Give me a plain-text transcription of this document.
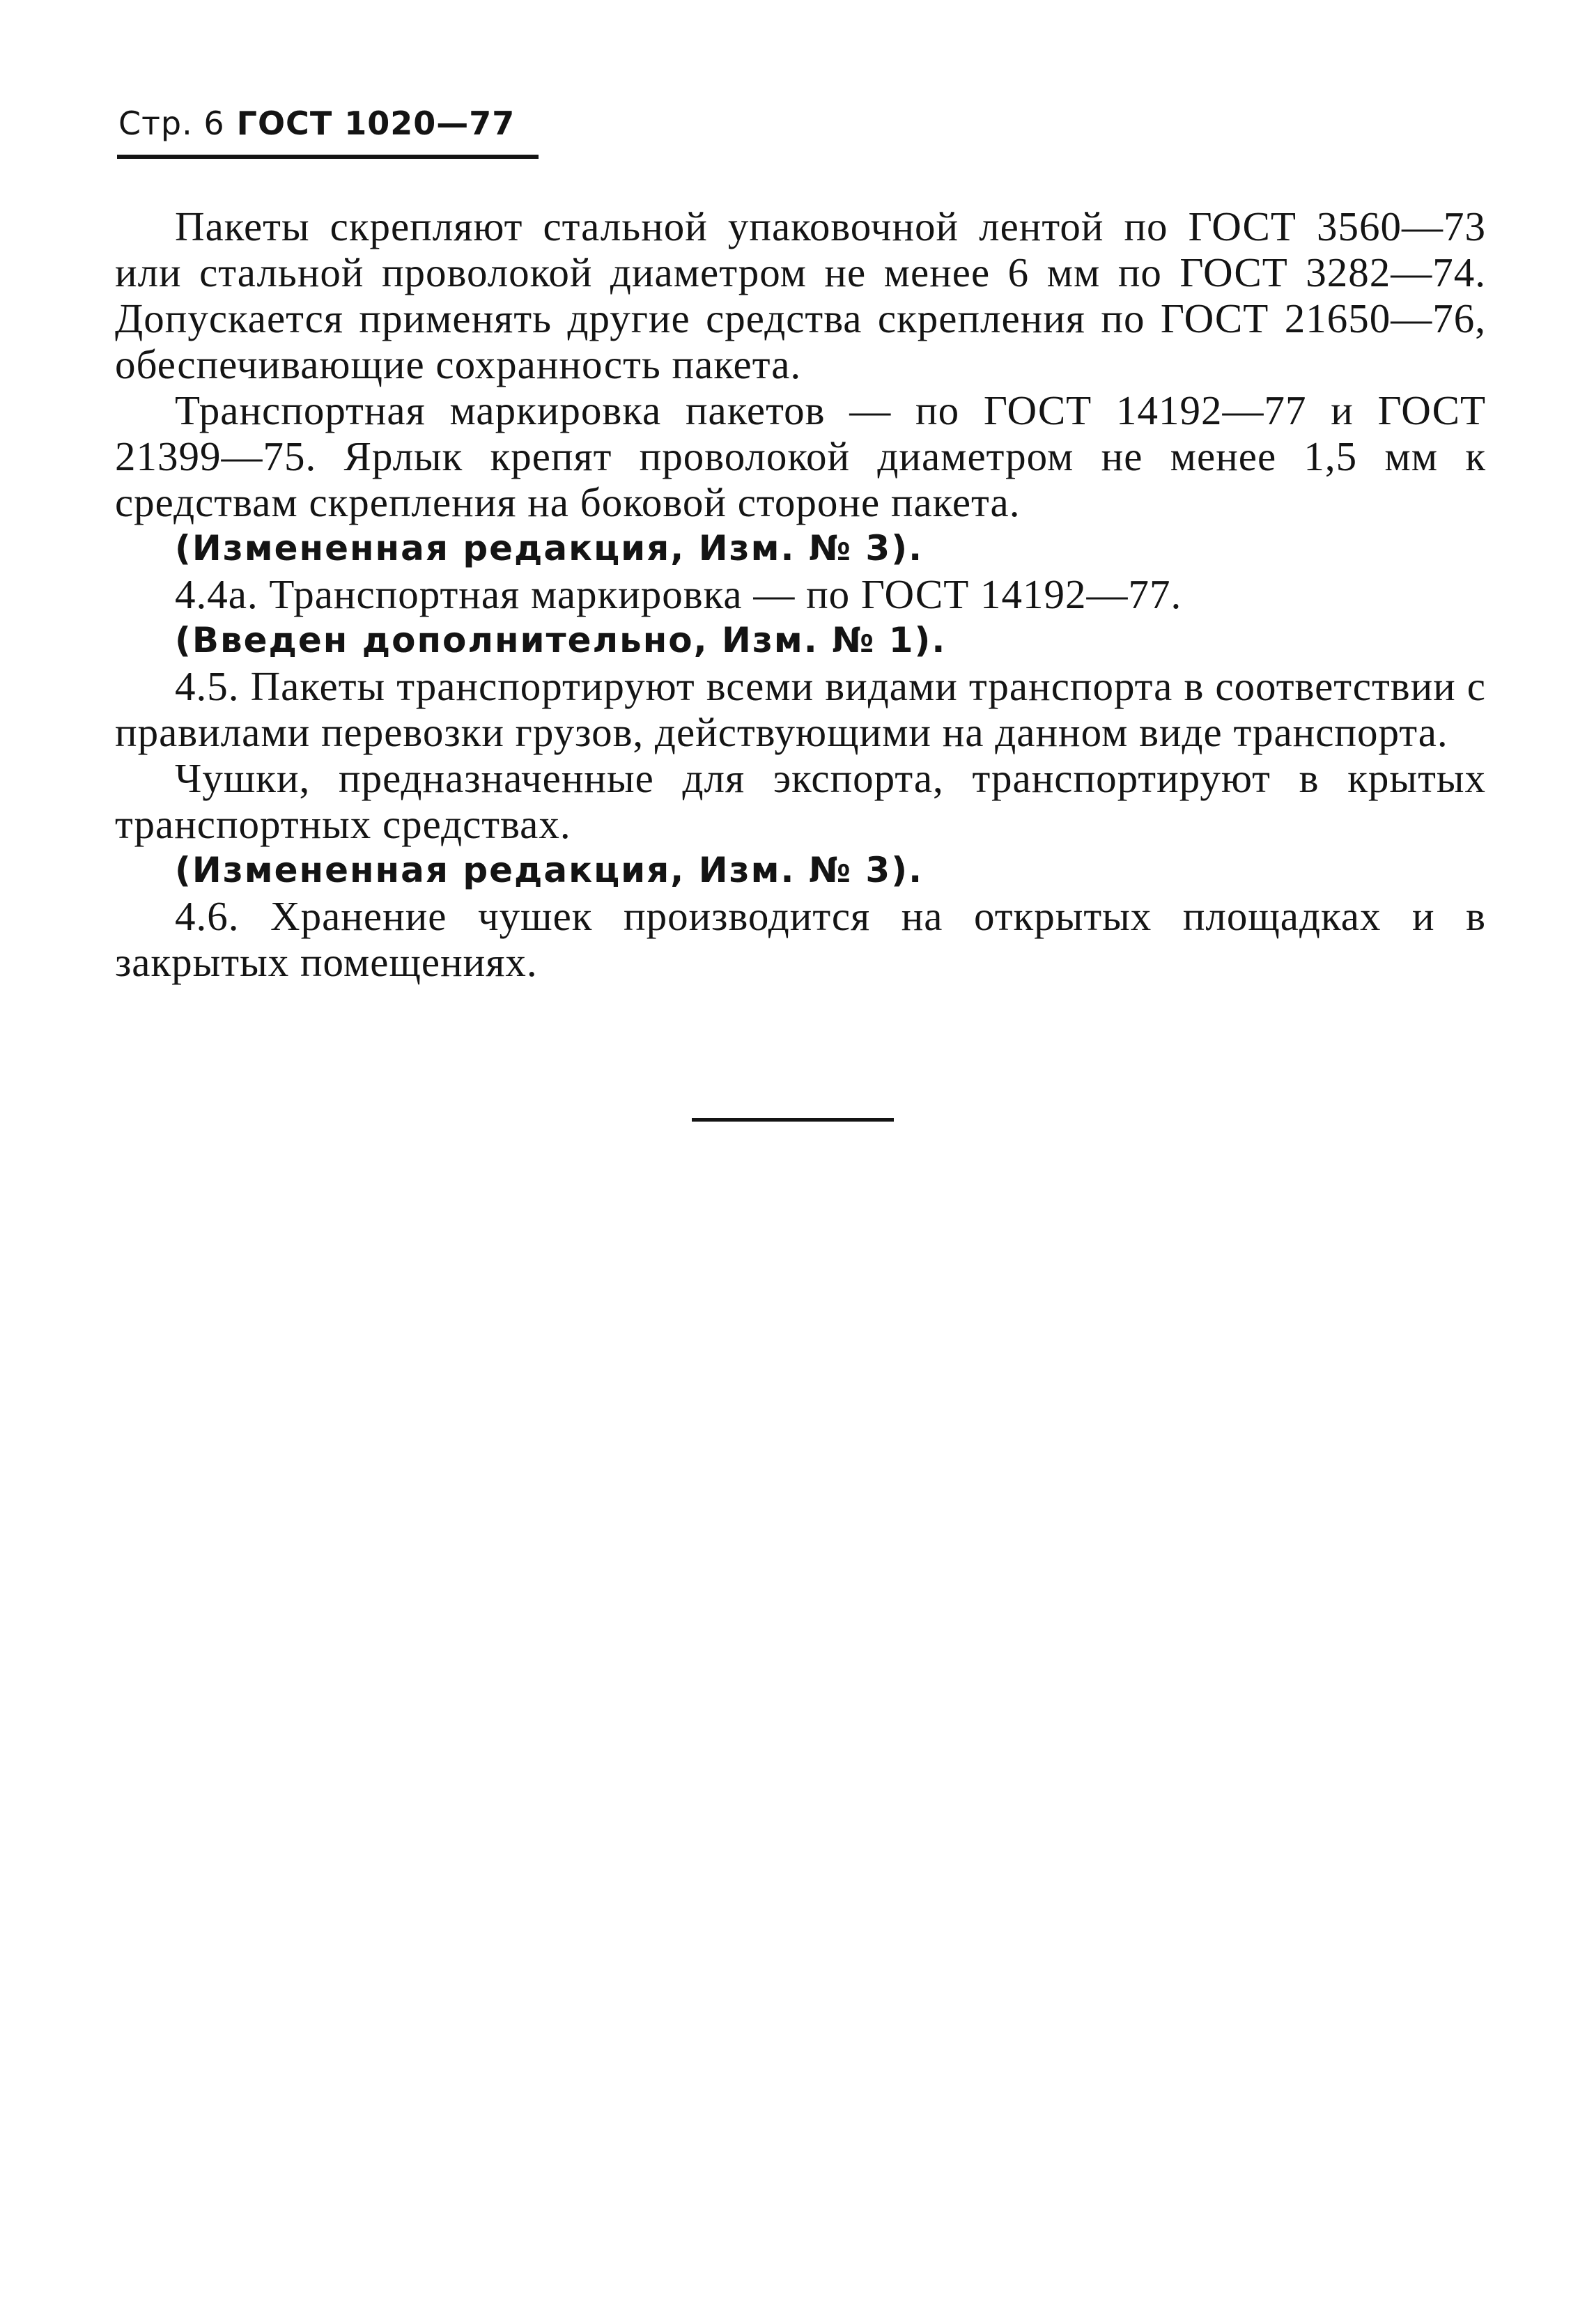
Стр. 6 ГОСТ 1020—77

Пакеты скрепляют стальной упаковочной лентой по ГОСТ 3560—73 или стальной проволокой диаметром не менее 6 мм по ГОСТ 3282—74. Допускается применять другие средства скрепления по ГОСТ 21650—76, обеспечивающие сохранность пакета.

Транспортная маркировка пакетов — по ГОСТ 14192—77 и ГОСТ 21399—75. Ярлык крепят проволокой диаметром не менее 1,5 мм к средствам скрепления на боковой стороне пакета.

(Измененная редакция, Изм. № 3).

4.4а. Транспортная маркировка — по ГОСТ 14192—77.

(Введен дополнительно, Изм. № 1).

4.5. Пакеты транспортируют всеми видами транспорта в соответствии с правилами перевозки грузов, действующими на данном виде транспорта.

Чушки, предназначенные для экспорта, транспортируют в крытых транспортных средствах.

(Измененная редакция, Изм. № 3).

4.6. Хранение чушек производится на открытых площадках и в закрытых помещениях.
